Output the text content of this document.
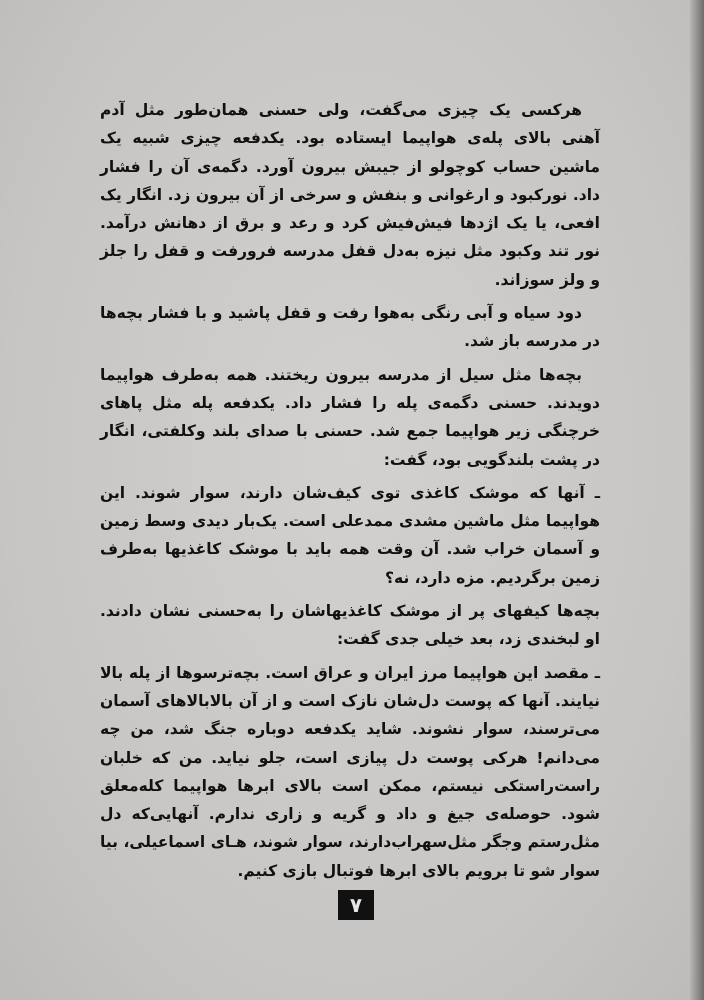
هرکسی یک چیزی می‌گفت، ولی حسنی همان‌طور مثل آدم آهنی بالای پله‌ی هواپیما ایستاده بود. یکدفعه چیزی شبیه یک ماشین حساب کوچولو از جیبش بیرون آورد. دگمه‌ی آن را فشار داد. نورکبود و ارغوانی و بنفش و سرخی از آن بیرون زد. انگار یک افعی، یا یک اژدها فیش‌فیش کرد و رعد و برق از دهانش درآمد. نور تند وکبود مثل نیزه به‌دل قفل مدرسه فرورفت و قفل را جلز و ولز سوزاند.

دود سیاه و آبی رنگی به‌هوا رفت و قفل پاشید و با فشار بچه‌ها در مدرسه باز شد.

بچه‌ها مثل سیل از مدرسه بیرون ریختند. همه به‌طرف هواپیما دویدند. حسنی دگمه‌ی پله را فشار داد. یکدفعه پله مثل پاهای خرچنگی زیر هواپیما جمع شد. حسنی با صدای بلند وکلفتی، انگار در پشت بلندگویی بود، گفت:

ـ آنها که موشک کاغذی توی کیف‌شان دارند، سوار شوند. این هواپیما مثل ماشین مشدی ممدعلی است. یک‌بار دیدی وسط زمین و آسمان خراب شد. آن وقت همه باید با موشک کاغذیها به‌طرف زمین برگردیم. مزه دارد، نه؟

بچه‌ها کیفهای پر از موشک کاغذیهاشان را به‌حسنی نشان دادند. او لبخندی زد، بعد خیلی جدی گفت:

ـ مقصد این هواپیما مرز ایران و عراق است. بچه‌ترسوها از پله بالا نیایند. آنها که پوست دل‌شان نازک است و از آن بالابالاهای آسمان می‌ترسند، سوار نشوند. شاید یکدفعه دوباره جنگ شد، من چه می‌دانم! هرکی پوست دل پیازی است، جلو نیاید. من که خلبان راست‌راستکی نیستم، ممکن است بالای ابرها هواپیما کله‌معلق شود. حوصله‌ی جیغ و داد و گریه و زاری ندارم. آنهایی‌که دل مثل‌رستم وجگر مثل‌سهراب‌دارند، سوار شوند، هـای اسماعیلی، بیا سوار شو تا برویم بالای ابرها فوتبال بازی کنیم.

۷
